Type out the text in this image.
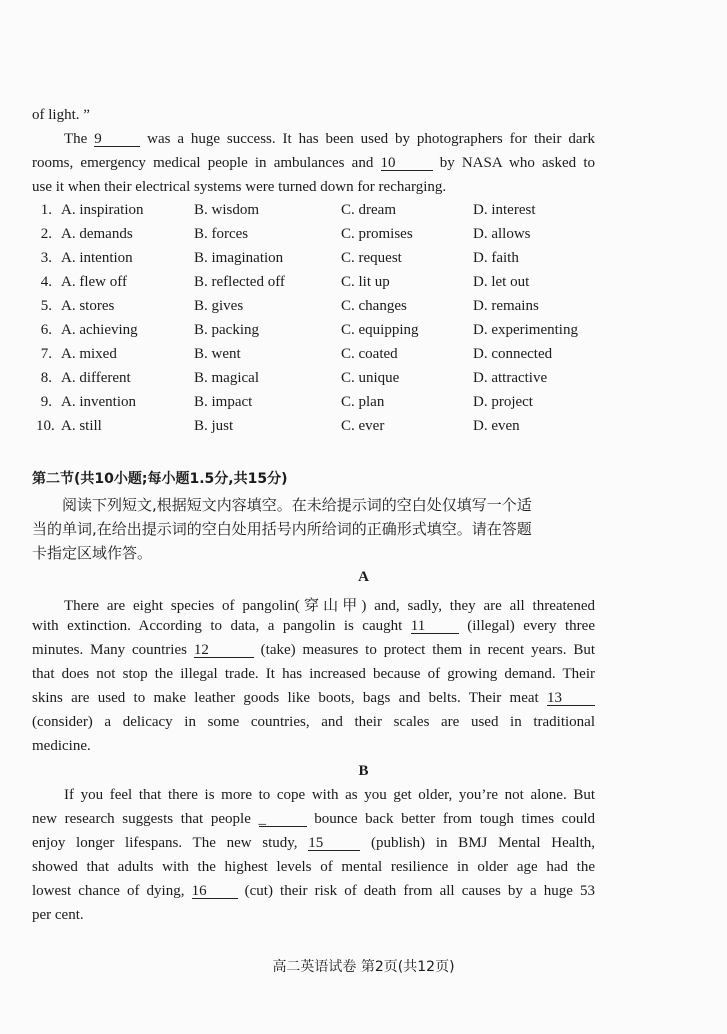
of light. ”
The 9	was a huge success. It has been used by photographers for their dark
rooms, emergency medical people in ambulances and 10	by NASA who asked to
use it when their electrical systems were turned down for recharging.
1. A. inspiration	B. wisdom	C. dream	D. interest
2. A. demands	B. forces	C. promises	D. allows
3. A. intention	B. imagination	C. request	D. faith
4. A. flew off	B. reflected off	C. lit up	D. let out
5. A. stores	B. gives	C. changes	D. remains
6. A. achieving	B. packing	C. equipping	D. experimenting
7. A. mixed	B. went	C. coated	D. connected
8. A. different	B. magical	C. unique	D. attractive
9. A. invention	B. impact	C. plan	D. project
10. A. still	B. just	C. ever	D. even
第二节(共10小题;每小题1.5分,共15分)
阅读下列短文,根据短文内容填空。在未给提示词的空白处仅填写一个适
当的单词,在给出提示词的空白处用括号内所给词的正确形式填空。请在答题
卡指定区域作答。
A
There are eight species of pangolin(穿山甲) and, sadly, they are all threatened
with extinction. According to data, a pangolin is caught 11	(illegal) every three
minutes. Many countries 12	(take) measures to protect them in recent years. But
that does not stop the illegal trade. It has increased because of growing demand. Their
skins are used to make leather goods like boots, bags and belts. Their meat 13
(consider) a delicacy in some countries, and their scales are used in traditional
medicine.
B
If you feel that there is more to cope with as you get older, you’re not alone. But
new research suggests that people _	bounce back better from tough times could
enjoy longer lifespans. The new study, 15	(publish) in BMJ Mental Health,
showed that adults with the highest levels of mental resilience in older age had the
lowest chance of dying, 16	(cut) their risk of death from all causes by a huge 53
per cent.
高二英语试卷 第2页(共12页)
